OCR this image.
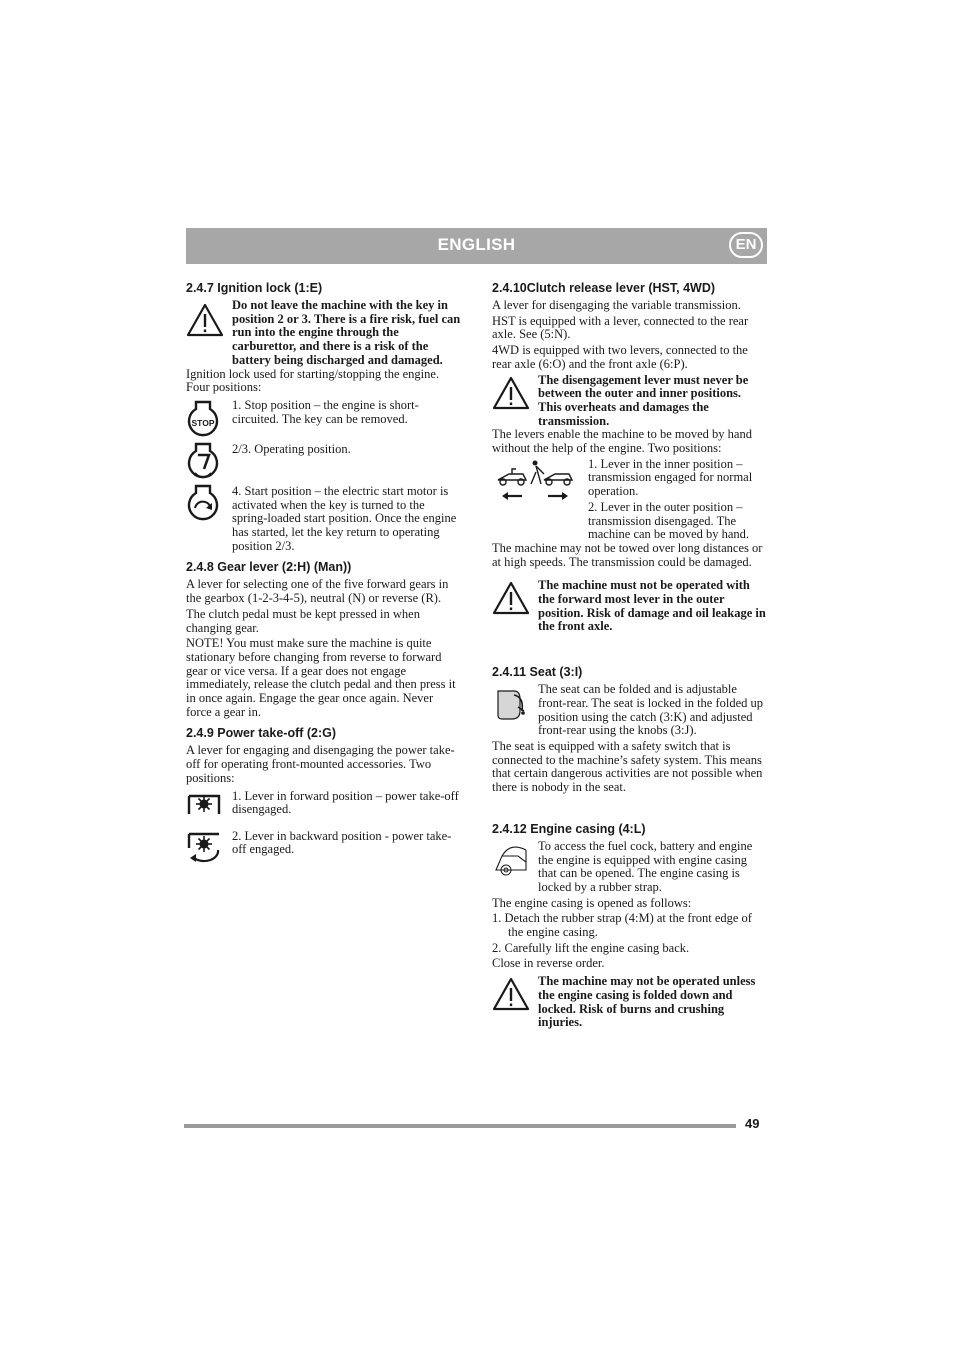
ENGLISH	EN
2.4.7 Ignition lock (1:E)
Do not leave the machine with the key in position 2 or 3. There is a fire risk, fuel can run into the engine through the carburettor, and there is a risk of the battery being discharged and damaged.

Ignition lock used for starting/stopping the engine. Four positions:

STOP

1. Stop position – the engine is short-circuited. The key can be removed.

2/3. Operating position.

4. Start position – the electric start motor is activated when the key is turned to the spring-loaded start position. Once the engine has started, let the key return to operating position 2/3.

2.4.8 Gear lever (2:H) (Man))

A lever for selecting one of the five forward gears in the gearbox (1-2-3-4-5), neutral (N) or reverse (R).

The clutch pedal must be kept pressed in when changing gear.

NOTE! You must make sure the machine is quite stationary before changing from reverse to forward gear or vice versa. If a gear does not engage immediately, release the clutch pedal and then press it in once again. Engage the gear once again. Never force a gear in.

2.4.9 Power take-off (2:G)

A lever for engaging and disengaging the power take-off for operating front-mounted accessories. Two positions:

1. Lever in forward position – power take-off disengaged.

2. Lever in backward position - power take-off engaged.

2.4.10Clutch release lever (HST, 4WD)

A lever for disengaging the variable transmission.

HST is equipped with a lever, connected to the rear axle. See (5:N).

4WD is equipped with two levers, connected to the rear axle (6:O) and the front axle (6:P).

The disengagement lever must never be between the outer and inner positions. This overheats and damages the transmission.

The levers enable the machine to be moved by hand without the help of the engine. Two positions:

1. Lever in the inner position – transmission engaged for normal operation.

2. Lever in the outer position – transmission disengaged. The machine can be moved by hand.

The machine may not be towed over long distances or at high speeds. The transmission could be damaged.

The machine must not be operated with the forward most lever in the outer position. Risk of damage and oil leakage in the front axle.
2.4.11 Seat (3:I)

The seat can be folded and is adjustable front-rear. The seat is locked in the folded up position using the catch (3:K) and adjusted front-rear using the knobs (3:J).

The seat is equipped with a safety switch that is connected to the machine’s safety system. This means that certain dangerous activities are not possible when there is nobody in the seat.

2.4.12 Engine casing (4:L)

To access the fuel cock, battery and engine the engine is equipped with engine casing that can be opened. The engine casing is locked by a rubber strap.

The engine casing is opened as follows:

1. Detach the rubber strap (4:M) at the front edge of the engine casing.

2. Carefully lift the engine casing back.

Close in reverse order.

The machine may not be operated unless the engine casing is folded down and locked. Risk of burns and crushing injuries.
49
